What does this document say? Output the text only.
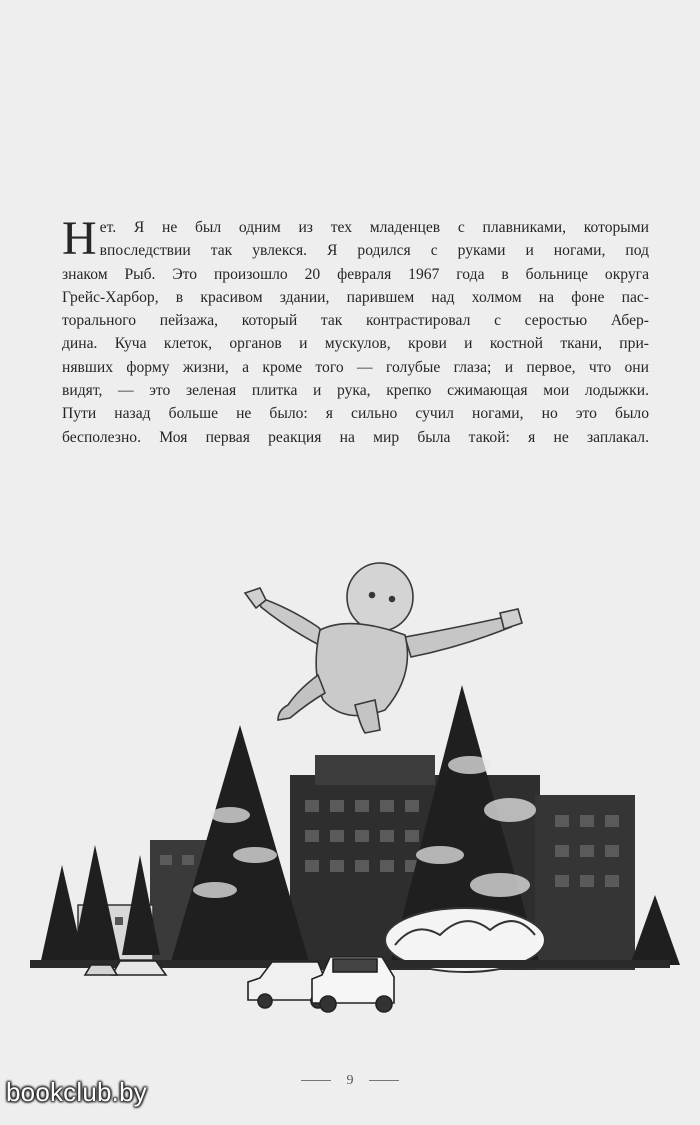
Н ет. Я не был одним из тех младенцев с плавниками, которыми
впоследствии так увлекся. Я родился с руками и ногами, под
знаком Рыб. Это произошло 20 февраля 1967 года в больнице округа
Грейс-Харбор, в красивом здании, парившем над холмом на фоне пас-
торального пейзажа, который так контрастировал с серостью Абер-
дина. Куча клеток, органов и мускулов, крови и костной ткани, при-
нявших форму жизни, а кроме того — голубые глаза; и первое, что они
видят, — это зеленая плитка и рука, крепко сжимающая мои лодыжки.
Пути назад больше не было: я сильно сучил ногами, но это было
бесполезно. Моя первая реакция на мир была такой: я не заплакал.

9
bookclub.by
